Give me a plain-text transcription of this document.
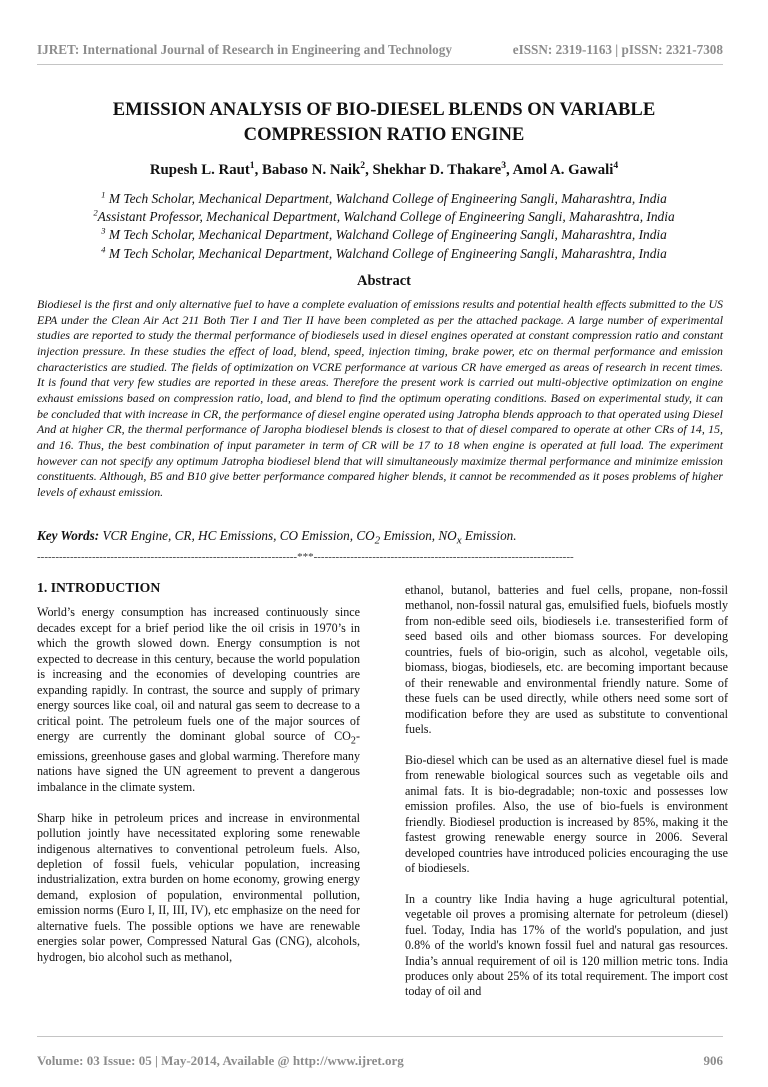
IJRET: International Journal of Research in Engineering and Technology	eISSN: 2319-1163 | pISSN: 2321-7308
EMISSION ANALYSIS OF BIO-DIESEL BLENDS ON VARIABLE
COMPRESSION RATIO ENGINE
Rupesh L. Raut$^1$, Babaso N. Naik$^2$, Shekhar D. Thakare$^3$, Amol A. Gawali$^4$
$^1$ M Tech Scholar, Mechanical Department, Walchand College of Engineering Sangli, Maharashtra, India
$^2$Assistant Professor, Mechanical Department, Walchand College of Engineering Sangli, Maharashtra, India
$^3$ M Tech Scholar, Mechanical Department, Walchand College of Engineering Sangli, Maharashtra, India
$^4$ M Tech Scholar, Mechanical Department, Walchand College of Engineering Sangli, Maharashtra, India
Abstract
Biodiesel is the first and only alternative fuel to have a complete evaluation of emissions results and potential health effects submitted to the US EPA under the Clean Air Act 211 Both Tier I and Tier II have been completed as per the attached package. A large number of experimental studies are reported to study the thermal performance of biodiesels used in diesel engines operated at constant compression ratio and constant injection pressure. In these studies the effect of load, blend, speed, injection timing, brake power, etc on thermal performance and emission characteristics are studied. The fields of optimization on VCRE performance at various CR have emerged as areas of research in recent times. It is found that very few studies are reported in these areas. Therefore the present work is carried out multi-objective optimization on engine exhaust emissions based on compression ratio, load, and blend to find the optimum operating conditions. Based on experimental study, it can be concluded that with increase in CR, the performance of diesel engine operated using Jatropha blends approach to that operated using Diesel And at higher CR, the thermal performance of Jaropha biodiesel blends is closest to that of diesel compared to operate at other CRs of 14, 15, and 16. Thus, the best combination of input parameter in term of CR will be 17 to 18 when engine is operated at full load. The experiment however can not specify any optimum Jatropha biodiesel blend that will simultaneously maximize thermal performance and minimize emission constituents. Although, B5 and B10 give better performance compared higher blends, it cannot be recommended as it poses problems of higher levels of exhaust emission.
Key Words: VCR Engine, CR, HC Emissions, CO Emission, $CO_2$ Emission, $NO_x$ Emission.
-----------------------------------------------------------------------***-----------------------------------------------------------------------
1. INTRODUCTION

World’s energy consumption has increased continuously since decades except for a brief period like the oil crisis in 1970’s in which the growth slowed down. Energy consumption is not expected to decrease in this century, because the world population is increasing and the economies of developing countries are expanding rapidly. In contrast, the source and supply of primary energy sources like coal, oil and natural gas seem to decrease to a critical point. The petroleum fuels one of the major sources of energy are currently the dominant global source of $CO_2$-emissions, greenhouse gases and global warming. Therefore many nations have signed the UN agreement to prevent a dangerous imbalance in the climate system.

Sharp hike in petroleum prices and increase in environmental pollution jointly have necessitated exploring some renewable indigenous alternatives to conventional petroleum fuels. Also, depletion of fossil fuels, vehicular population, increasing industrialization, extra burden on home economy, growing energy demand, explosion of population, environmental pollution, emission norms (Euro I, II, III, IV), etc emphasize on the need for alternative fuels. The possible options we have are renewable energies solar power, Compressed Natural Gas (CNG), alcohols, hydrogen, bio alcohol such as methanol,

ethanol, butanol, batteries and fuel cells, propane, non-fossil methanol, non-fossil natural gas, emulsified fuels, biofuels mostly from non-edible seed oils, biodiesels i.e. transesterified form of seed based oils and other biomass sources. For developing countries, fuels of bio-origin, such as alcohol, vegetable oils, biomass, biogas, biodiesels, etc. are becoming important because of their renewable and environmental friendly nature. Some of these fuels can be used directly, while others need some sort of modification before they are used as substitute to conventional fuels.

Bio-diesel which can be used as an alternative diesel fuel is made from renewable biological sources such as vegetable oils and animal fats. It is bio-degradable; non-toxic and possesses low emission profiles. Also, the use of bio-fuels is environment friendly. Biodiesel production is increased by 85%, making it the fastest growing renewable energy source in 2006. Several developed countries have introduced policies encouraging the use of biodiesels.

In a country like India having a huge agricultural potential, vegetable oil proves a promising alternate for petroleum (diesel) fuel. Today, India has 17% of the world's population, and just 0.8% of the world's known fossil fuel and natural gas resources. India’s annual requirement of oil is 120 million metric tons. India produces only about 25% of its total requirement. The import cost today of oil and

Volume: 03 Issue: 05 | May-2014, Available @ http://www.ijret.org	906
